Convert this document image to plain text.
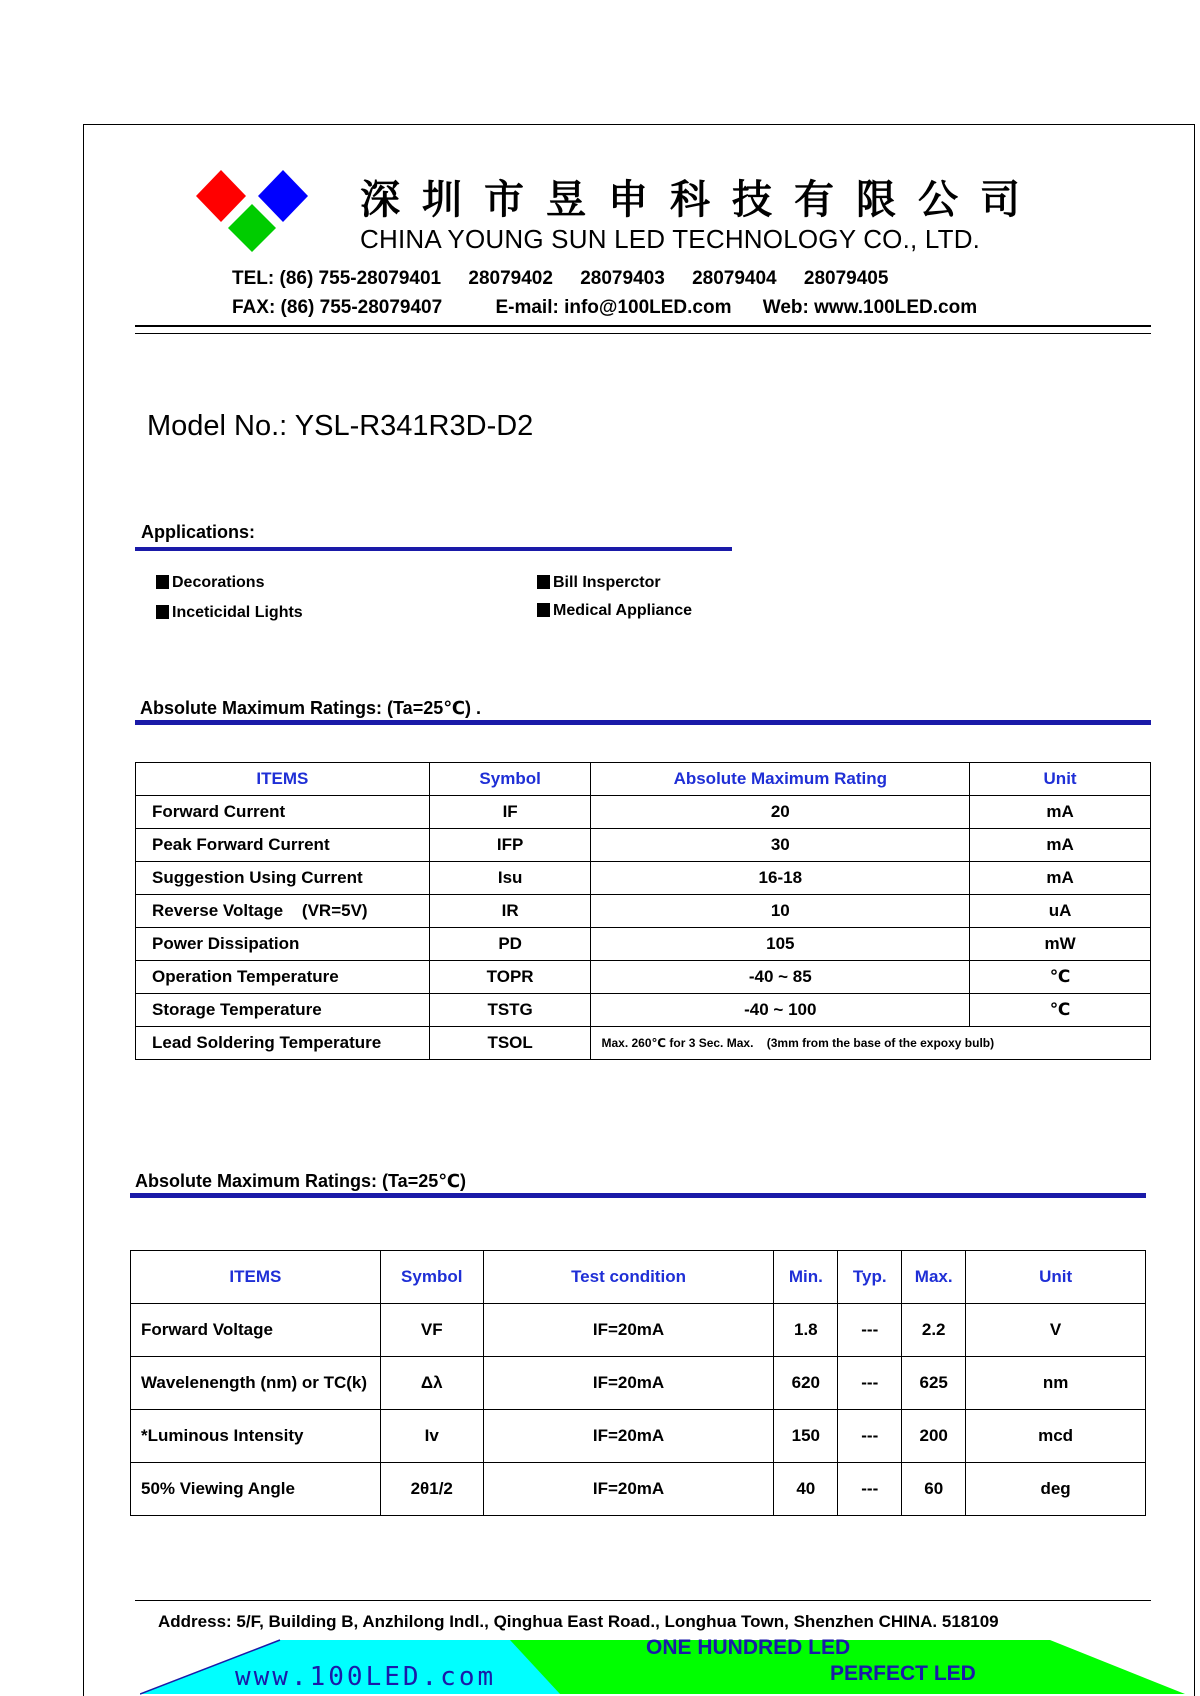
深圳市昱申科技有限公司
CHINA YOUNG SUN LED TECHNOLOGY CO., LTD.
TEL: (86) 755-28079401 28079402 28079403 28079404 28079405
FAX: (86) 755-28079407	E-mail: info@100LED.com Web: www.100LED.com
Model No.: YSL-R341R3D-D2
Applications:
Decorations	Bill Insperctor
Inceticidal Lights	Medical Appliance
Absolute Maximum Ratings: (Ta=25℃) .
ITEMS	Symbol	Absolute Maximum Rating	Unit
Forward Current	IF	20	mA
Peak Forward Current	IFP	30	mA
Suggestion Using Current	Isu	16-18	mA
Reverse Voltage    (VR=5V)	IR	10	uA
Power Dissipation	PD	105	mW
Operation Temperature	TOPR	-40 ~ 85	℃
Storage Temperature	TSTG	-40 ~ 100	℃
Lead Soldering Temperature	TSOL	Max. 260℃ for 3 Sec. Max.    (3mm from the base of the expoxy bulb)	
Absolute Maximum Ratings: (Ta=25℃)
ITEMS	Symbol	Test condition	Min.	Typ.	Max.	Unit
Forward Voltage	VF	IF=20mA	1.8	---	2.2	V
Wavelenength (nm) or TC(k)	Δλ	IF=20mA	620	---	625	nm
*Luminous Intensity	Iv	IF=20mA	150	---	200	mcd
50% Viewing Angle	2θ1/2	IF=20mA	40	---	60	deg
Address: 5/F, Building B, Anzhilong Indl., Qinghua East Road., Longhua Town, Shenzhen CHINA. 518109
www.100LED.com
ONE HUNDRED LED
PERFECT LED
